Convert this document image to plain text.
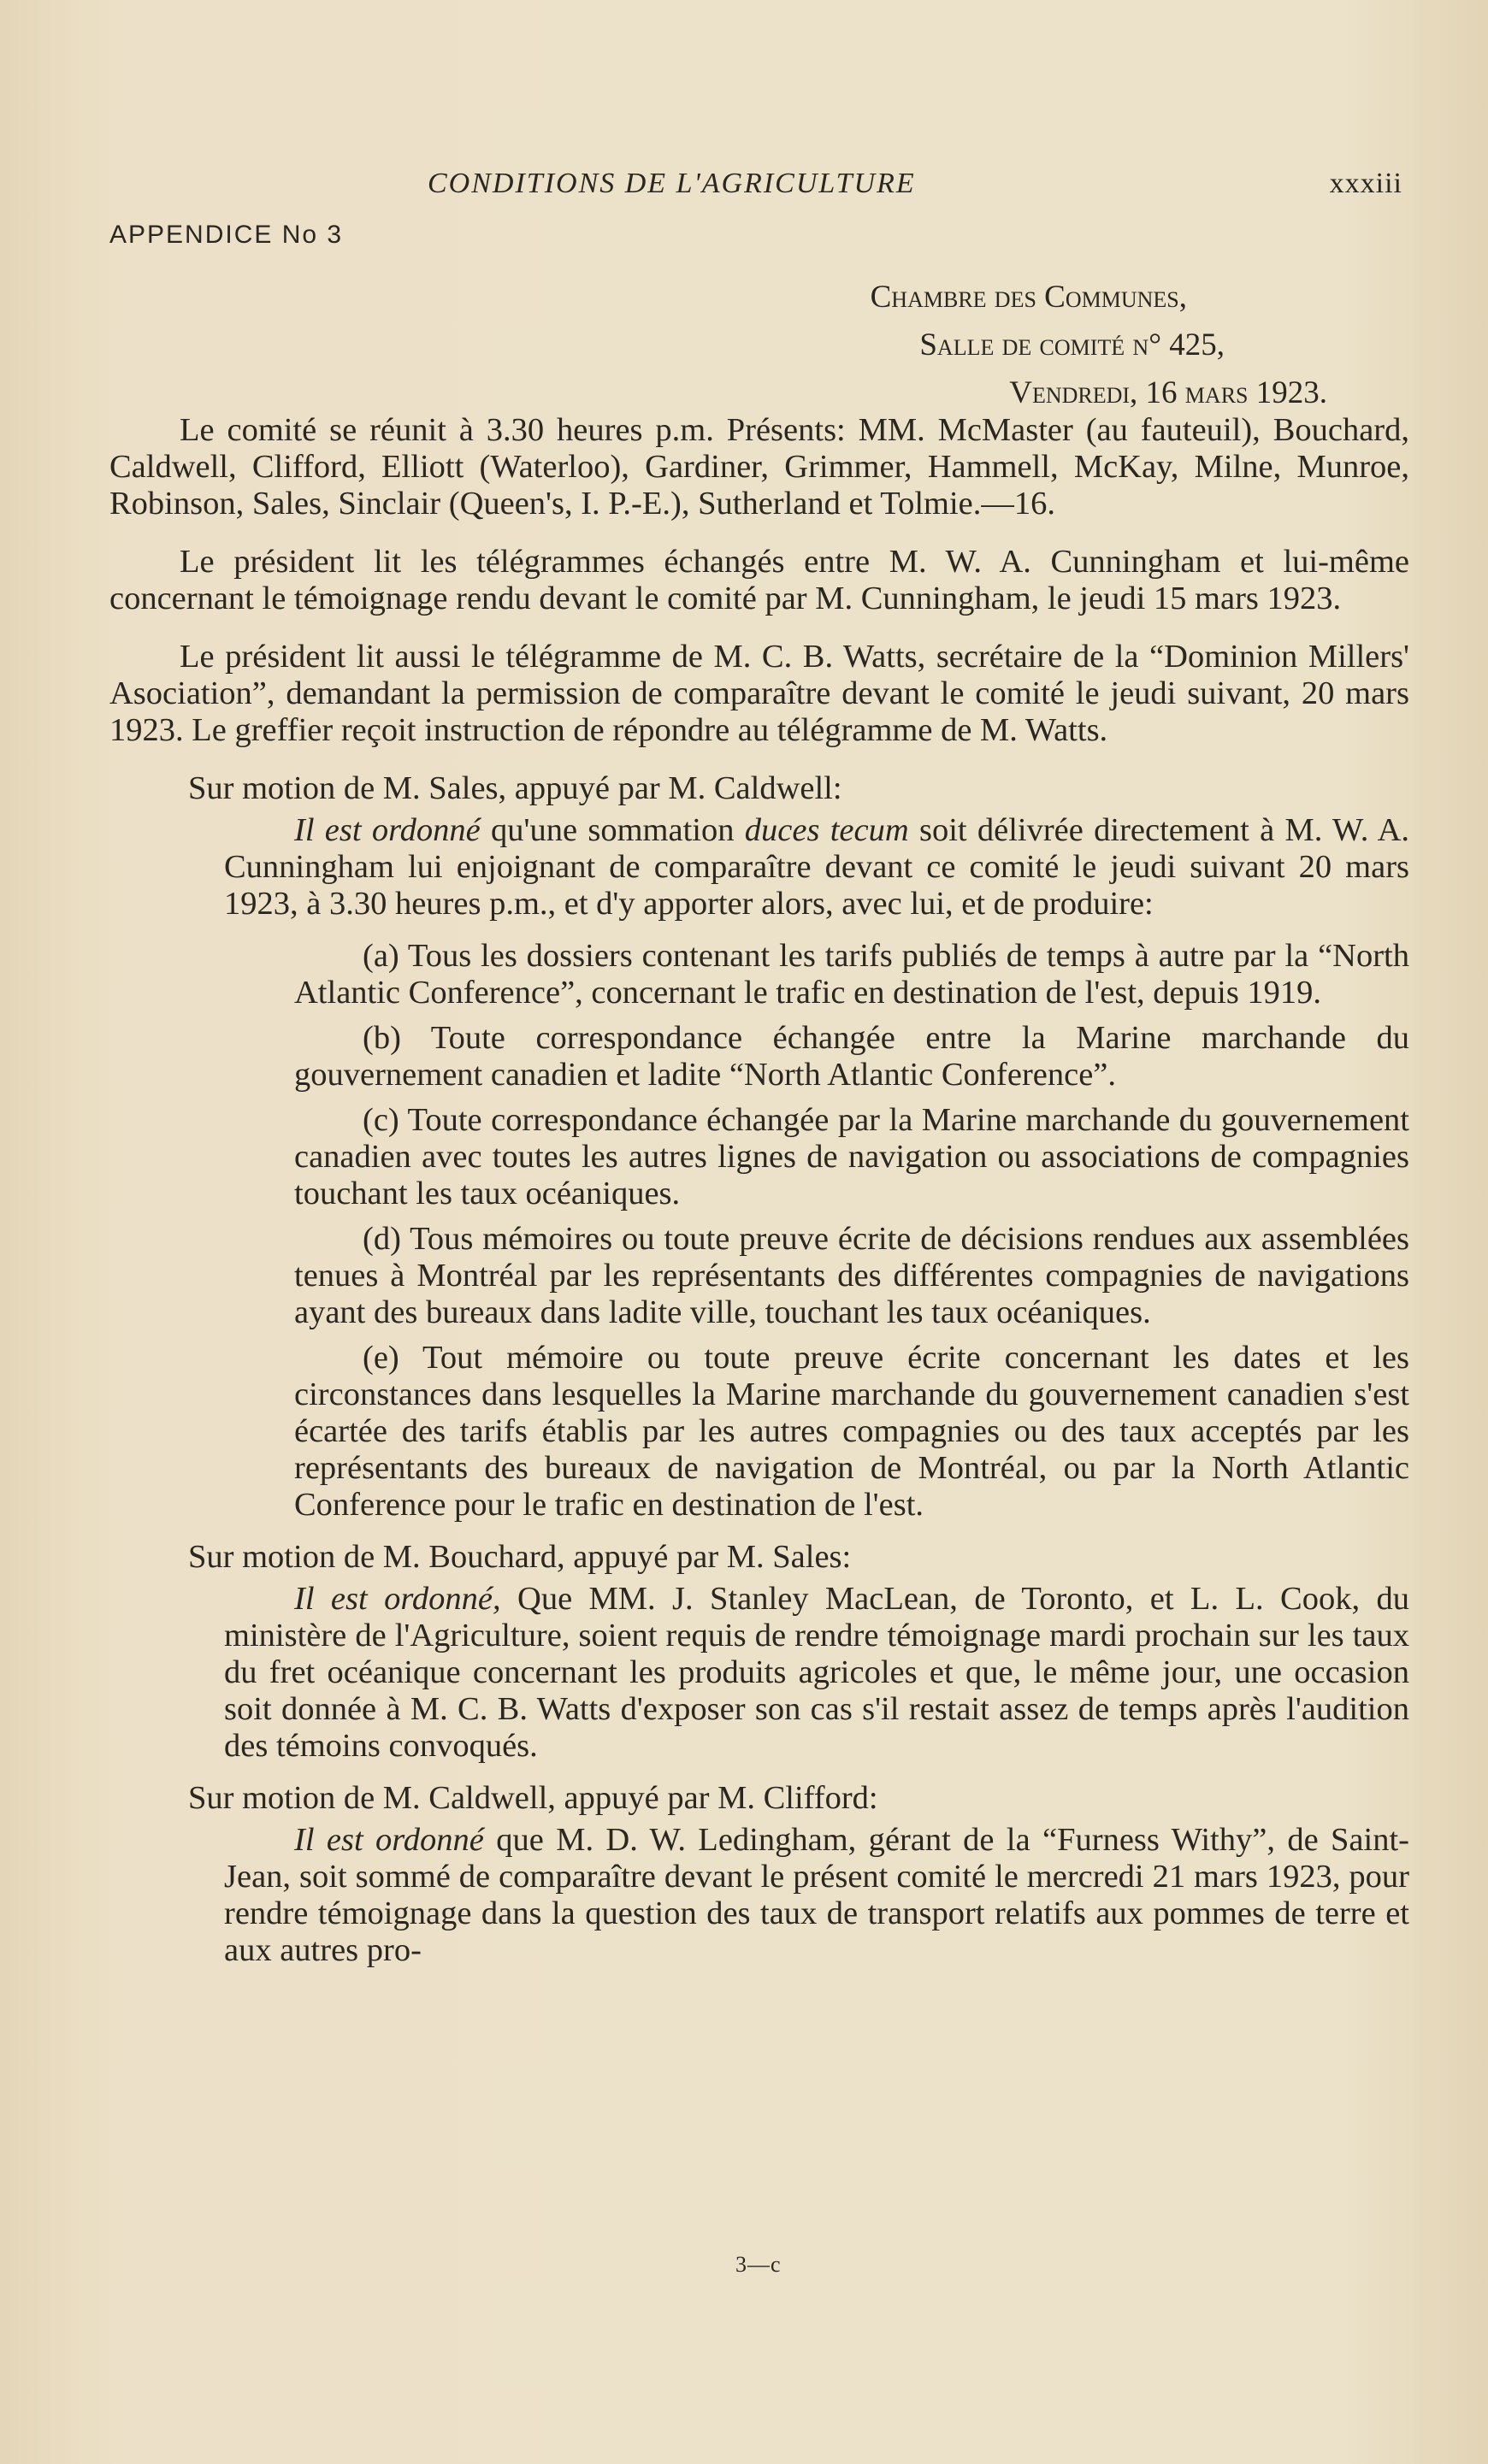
CONDITIONS DE L'AGRICULTURE	xxxiii
APPENDICE No 3
Chambre des Communes,
Salle de comité n° 425,
Vendredi, 16 mars 1923.

Le comité se réunit à 3.30 heures p.m. Présents: MM. McMaster (au fauteuil), Bouchard, Caldwell, Clifford, Elliott (Waterloo), Gardiner, Grimmer, Hammell, McKay, Milne, Munroe, Robinson, Sales, Sinclair (Queen's, I. P.-E.), Sutherland et Tolmie.—16.

Le président lit les télégrammes échangés entre M. W. A. Cunningham et lui-même concernant le témoignage rendu devant le comité par M. Cunningham, le jeudi 15 mars 1923.

Le président lit aussi le télégramme de M. C. B. Watts, secrétaire de la “Dominion Millers' Asociation”, demandant la permission de comparaître devant le comité le jeudi suivant, 20 mars 1923. Le greffier reçoit instruction de répondre au télégramme de M. Watts.

Sur motion de M. Sales, appuyé par M. Caldwell:

Il est ordonné qu'une sommation duces tecum soit délivrée directement à M. W. A. Cunningham lui enjoignant de comparaître devant ce comité le jeudi suivant 20 mars 1923, à 3.30 heures p.m., et d'y apporter alors, avec lui, et de produire:

(a) Tous les dossiers contenant les tarifs publiés de temps à autre par la “North Atlantic Conference”, concernant le trafic en destination de l'est, depuis 1919.

(b) Toute correspondance échangée entre la Marine marchande du gouvernement canadien et ladite “North Atlantic Conference”.

(c) Toute correspondance échangée par la Marine marchande du gouvernement canadien avec toutes les autres lignes de navigation ou associations de compagnies touchant les taux océaniques.

(d) Tous mémoires ou toute preuve écrite de décisions rendues aux assemblées tenues à Montréal par les représentants des différentes compagnies de navigations ayant des bureaux dans ladite ville, touchant les taux océaniques.

(e) Tout mémoire ou toute preuve écrite concernant les dates et les circonstances dans lesquelles la Marine marchande du gouvernement canadien s'est écartée des tarifs établis par les autres compagnies ou des taux acceptés par les représentants des bureaux de navigation de Montréal, ou par la North Atlantic Conference pour le trafic en destination de l'est.

Sur motion de M. Bouchard, appuyé par M. Sales:

Il est ordonné, Que MM. J. Stanley MacLean, de Toronto, et L. L. Cook, du ministère de l'Agriculture, soient requis de rendre témoignage mardi prochain sur les taux du fret océanique concernant les produits agricoles et que, le même jour, une occasion soit donnée à M. C. B. Watts d'exposer son cas s'il restait assez de temps après l'audition des témoins convoqués.

Sur motion de M. Caldwell, appuyé par M. Clifford:

Il est ordonné que M. D. W. Ledingham, gérant de la “Furness Withy”, de Saint-Jean, soit sommé de comparaître devant le présent comité le mercredi 21 mars 1923, pour rendre témoignage dans la question des taux de transport relatifs aux pommes de terre et aux autres pro-

3—c
